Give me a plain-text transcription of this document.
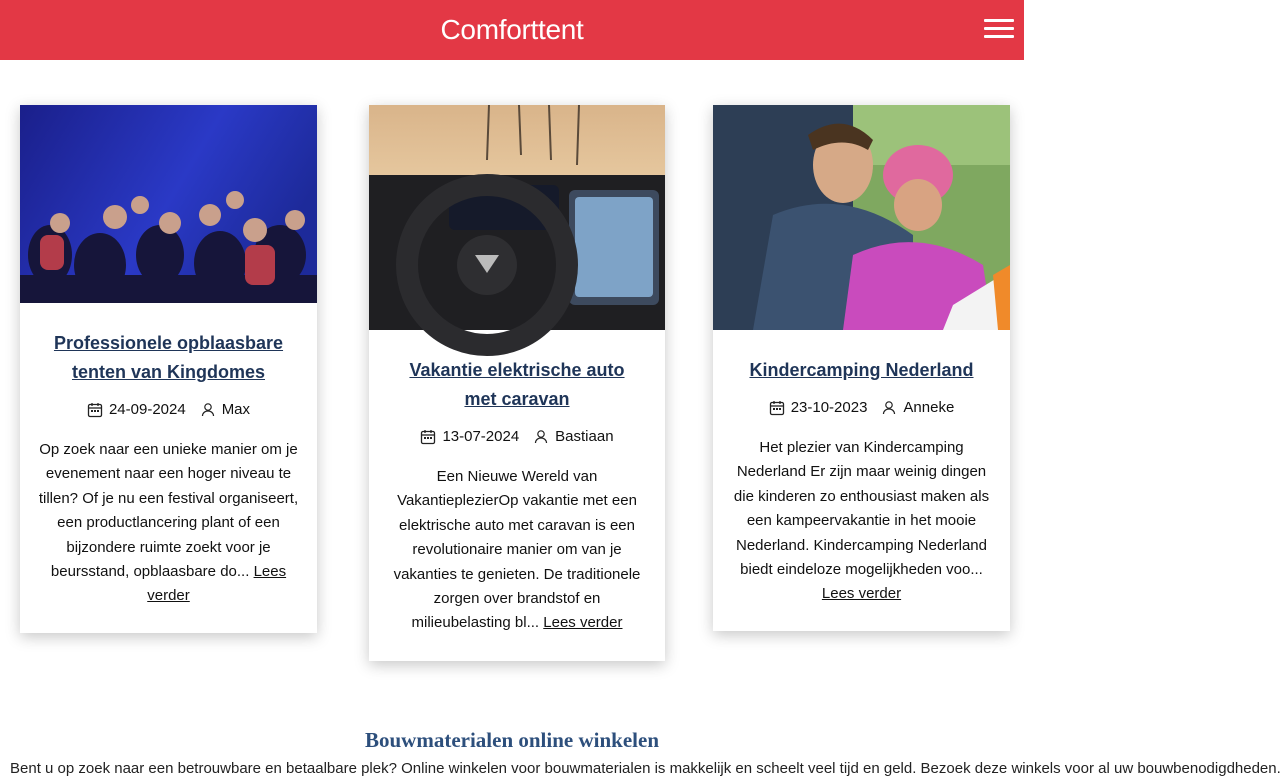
Comforttent
Professionele opblaasbare tenten van Kingdomes
24-09-2024 Max

Op zoek naar een unieke manier om je evenement naar een hoger niveau te tillen? Of je nu een festival organiseert, een productlancering plant of een bijzondere ruimte zoekt voor je beursstand, opblaasbare do... Lees verder

Vakantie elektrische auto met caravan
13-07-2024 Bastiaan

Een Nieuwe Wereld van VakantieplezierOp vakantie met een elektrische auto met caravan is een revolutionaire manier om van je vakanties te genieten. De traditionele zorgen over brandstof en milieubelasting bl... Lees verder

Kindercamping Nederland
23-10-2023 Anneke

Het plezier van Kindercamping Nederland Er zijn maar weinig dingen die kinderen zo enthousiast maken als een kampeervakantie in het mooie Nederland. Kindercamping Nederland biedt eindeloze mogelijkheden voo... Lees verder

Bouwmaterialen online winkelen

Bent u op zoek naar een betrouwbare en betaalbare plek? Online winkelen voor bouwmaterialen is makkelijk en scheelt veel tijd en geld. Bezoek deze winkels voor al uw bouwbenodigdheden.
